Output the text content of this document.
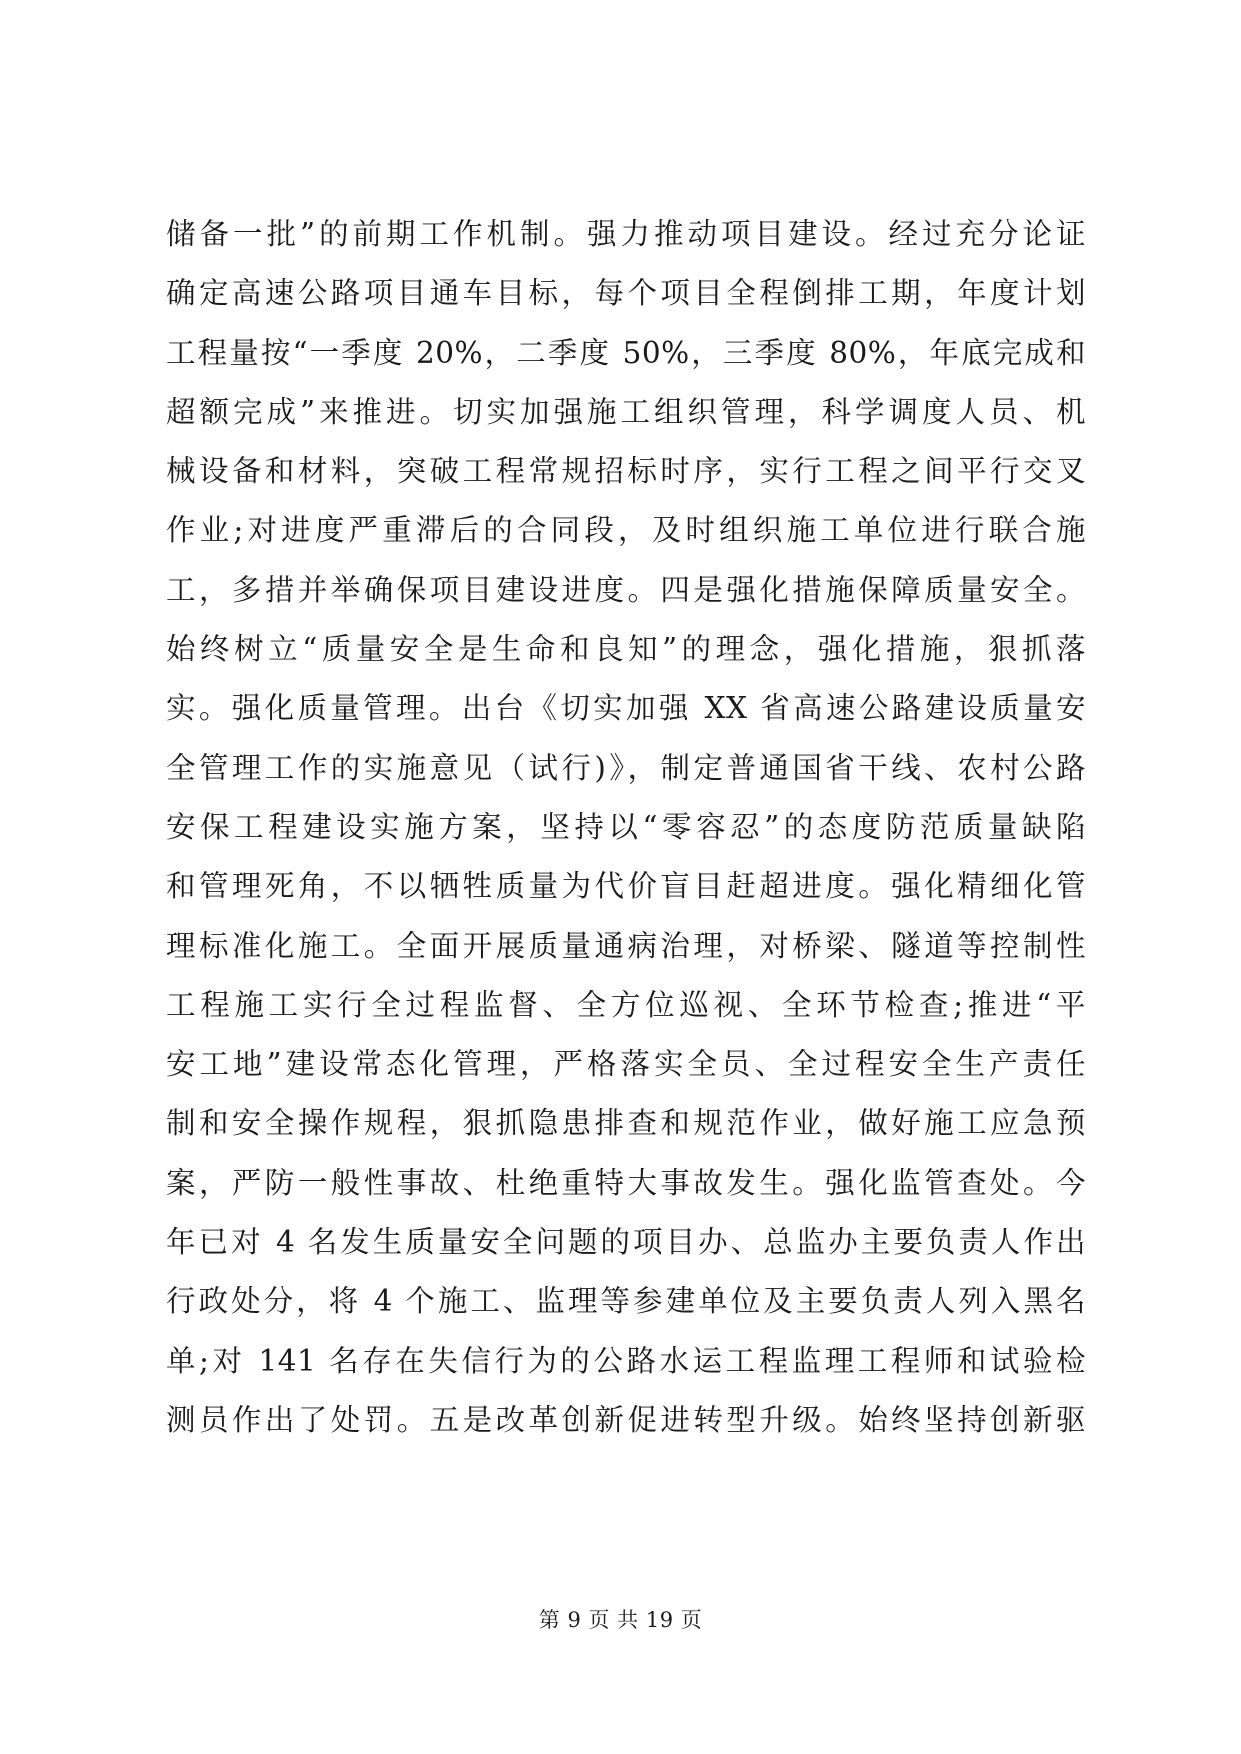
储备一批”的前期工作机制。强力推动项目建设。经过充分论证
确定高速公路项目通车目标，每个项目全程倒排工期，年度计划
工程量按“一季度 20%，二季度 50%，三季度 80%，年底完成和
超额完成”来推进。切实加强施工组织管理，科学调度人员、机
械设备和材料，突破工程常规招标时序，实行工程之间平行交叉
作业;对进度严重滞后的合同段，及时组织施工单位进行联合施
工，多措并举确保项目建设进度。四是强化措施保障质量安全。
始终树立“质量安全是生命和良知”的理念，强化措施，狠抓落
实。强化质量管理。出台《切实加强 XX 省高速公路建设质量安
全管理工作的实施意见（试行)》，制定普通国省干线、农村公路
安保工程建设实施方案，坚持以“零容忍”的态度防范质量缺陷
和管理死角，不以牺牲质量为代价盲目赶超进度。强化精细化管
理标准化施工。全面开展质量通病治理，对桥梁、隧道等控制性
工程施工实行全过程监督、全方位巡视、全环节检查;推进“平
安工地”建设常态化管理，严格落实全员、全过程安全生产责任
制和安全操作规程，狠抓隐患排查和规范作业，做好施工应急预
案，严防一般性事故、杜绝重特大事故发生。强化监管查处。今
年已对 4 名发生质量安全问题的项目办、总监办主要负责人作出
行政处分，将 4 个施工、监理等参建单位及主要负责人列入黑名
单;对 141 名存在失信行为的公路水运工程监理工程师和试验检
测员作出了处罚。五是改革创新促进转型升级。始终坚持创新驱
第 9 页 共 19 页
